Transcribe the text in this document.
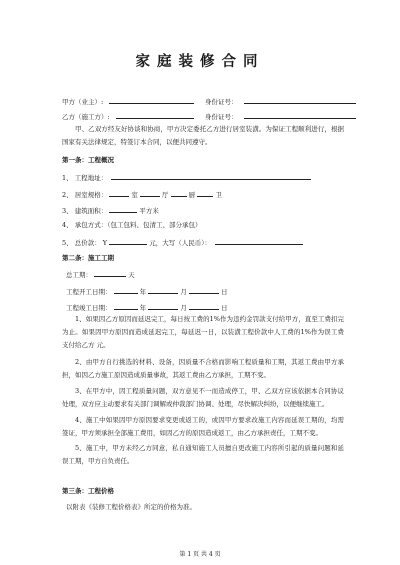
家庭装修合同
甲方（业主）:	身份证号：
乙方（施工方）:	身份证号：
甲、乙双方经友好协谈和协商，甲方决定委托乙方进行居室装潢。为保证工程顺利进行，根据国家有关法律规定，特签订本合同，以便共同遵守。
第一条：工程概况
1、 工程地址：
2、 居室规格：	室	厅	厨	卫
3、 建筑面积：	平方米
4、 承包方式：（包工包料、包清工、部分承包）
5、 总价款： Y	元，大写（人民币）：
第二条：施工工期
总工期：	天
工程开工日期：	年	月	日
工程竣工日期：	年	月	日
1、如果因乙方原因而延迟完工，每日按工费的1%作为违约金罚款支付给甲方，直至工费扣完为止。如果因甲方原因而造成延迟完工，每延迟一日，以装潢工程价款中人工费的1%作为误工费支付给乙方 元。
2、由甲方自行挑选的材料、设备，因质量不合格而影响工程质量和工期，其返工费由甲方承担，如因乙方施工原因造成质量事故，其返工费由乙方承担，工期不变。
3、在甲方中，因工程质量问题，双方意见不一而造成停工，甲、乙双方应该依据本合同协议处理，双方应主动要求有关部门调解或仲裁部门协调、处理，尽快解决纠纷，以便继续施工。
4、施工中如果因甲方原因要求变更或返工的，或因甲方要求改施工内容而延误工期的，均需签证，甲方须承担全部施工费用，如因乙方的原因造成返工，由乙方承担责任，工期不变。
5、施工中，甲方未经乙方同意，私自通知施工人员擅自更改施工内容所引起的质量问题和延误工期，甲方自负责任。
第三条：工程价格
以附表《装修工程价格表》所定的价格为准。
第 1 页 共 4 页
